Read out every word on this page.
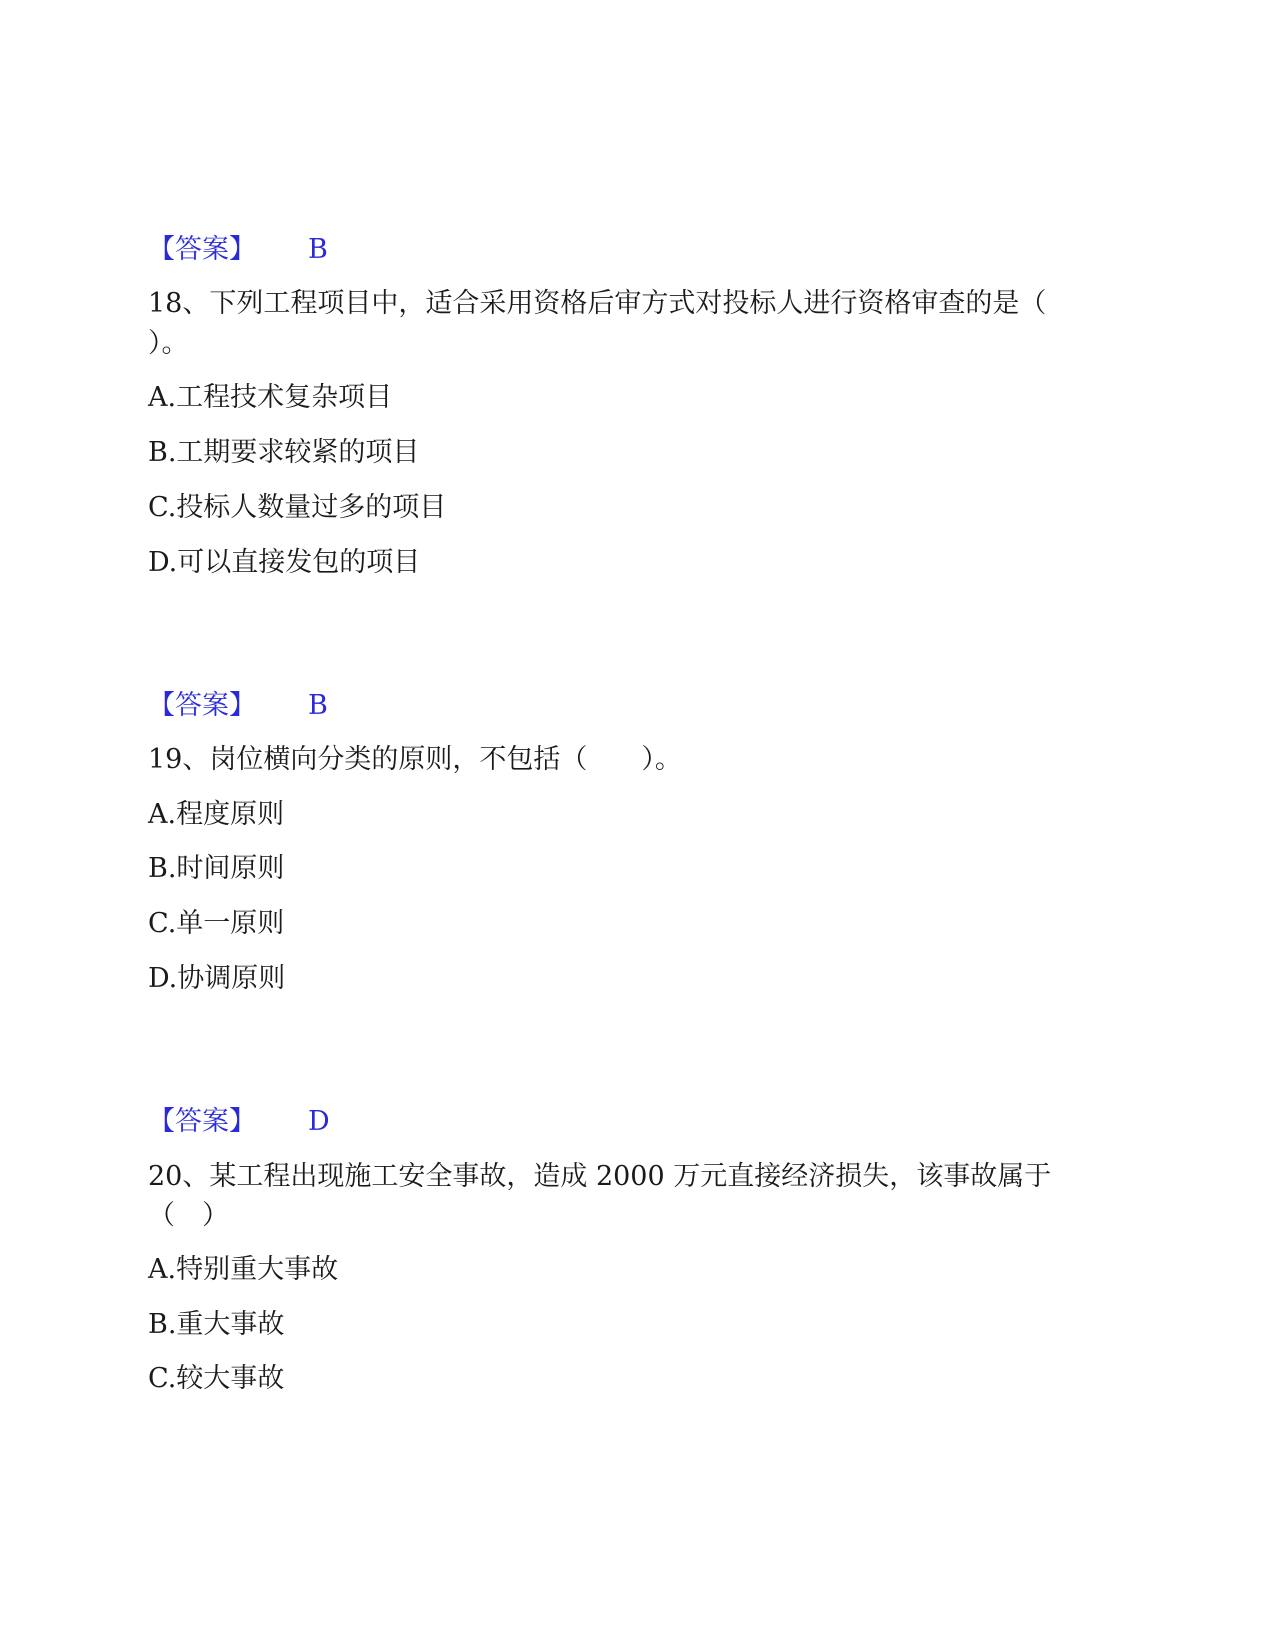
【答案】 B
18、下列工程项目中，适合采用资格后审方式对投标人进行资格审查的是（
）。
A.工程技术复杂项目
B.工期要求较紧的项目
C.投标人数量过多的项目
D.可以直接发包的项目
【答案】 B
19、岗位横向分类的原则，不包括（　　）。
A.程度原则
B.时间原则
C.单一原则
D.协调原则
【答案】 D
20、某工程出现施工安全事故，造成 2000 万元直接经济损失，该事故属于
（　）
A.特别重大事故
B.重大事故
C.较大事故
